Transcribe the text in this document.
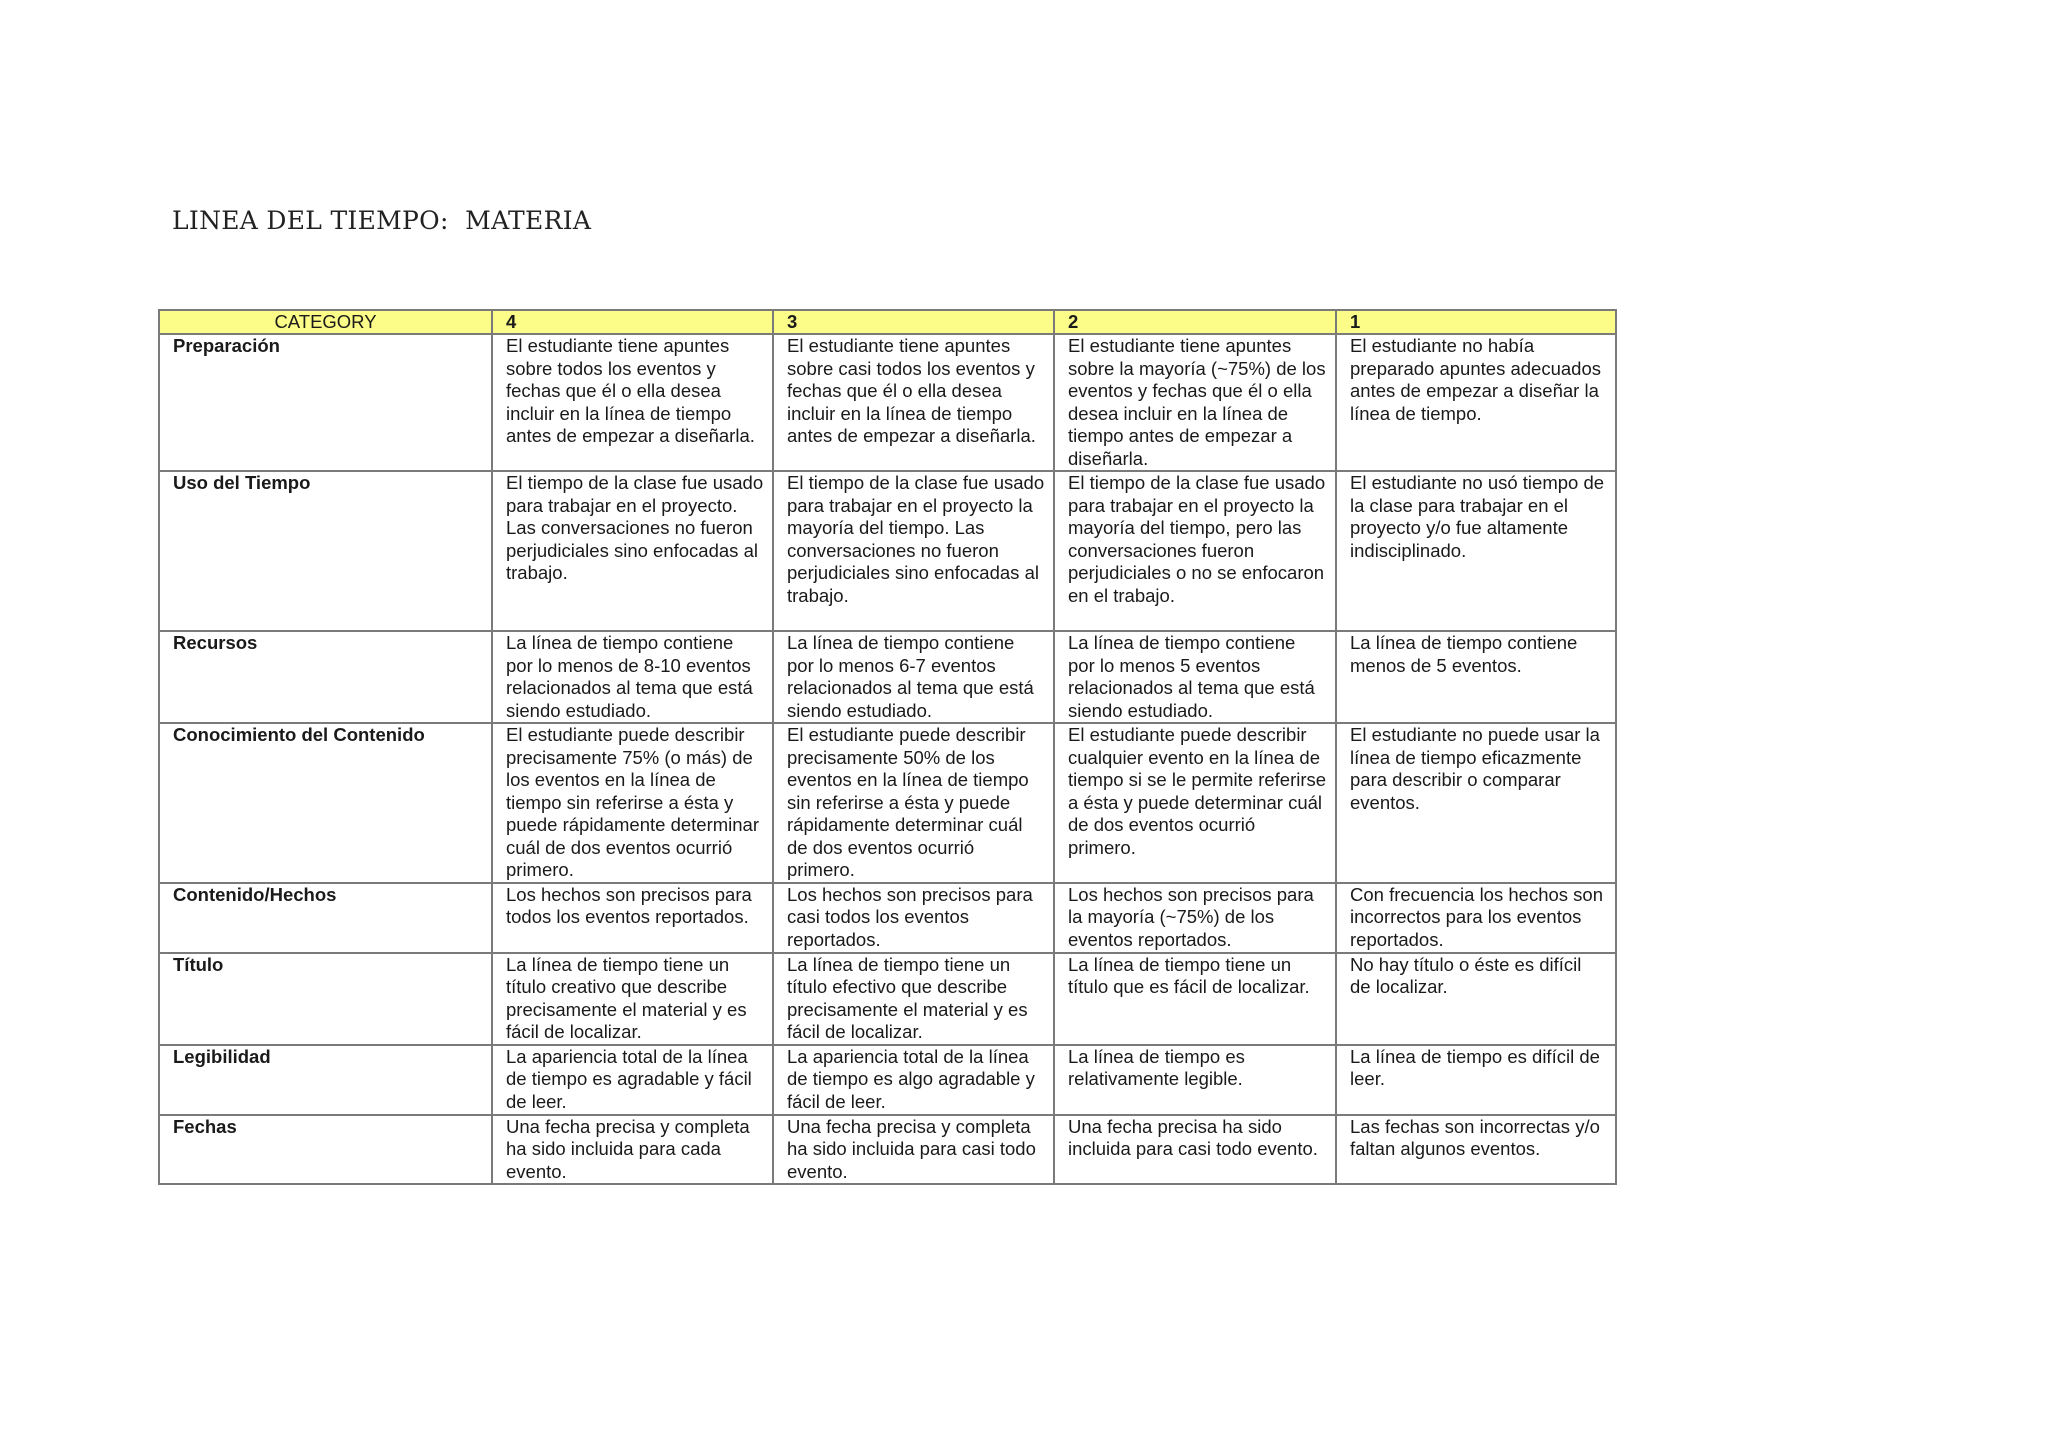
LINEA DEL TIEMPO:  MATERIA
CATEGORY	4	3	2	1
Preparación	El estudiante tiene apuntes sobre todos los eventos y fechas que él o ella desea incluir en la línea de tiempo antes de empezar a diseñarla.	El estudiante tiene apuntes sobre casi todos los eventos y fechas que él o ella desea incluir en la línea de tiempo antes de empezar a diseñarla.	El estudiante tiene apuntes sobre la mayoría (~75%) de los eventos y fechas que él o ella desea incluir en la línea de tiempo antes de empezar a diseñarla.	El estudiante no había preparado apuntes adecuados antes de empezar a diseñar la línea de tiempo.
Uso del Tiempo	El tiempo de la clase fue usado para trabajar en el proyecto. Las conversaciones no fueron perjudiciales sino enfocadas al trabajo.	El tiempo de la clase fue usado para trabajar en el proyecto la mayoría del tiempo. Las conversaciones no fueron perjudiciales sino enfocadas al trabajo.	El tiempo de la clase fue usado para trabajar en el proyecto la mayoría del tiempo, pero las conversaciones fueron perjudiciales o no se enfocaron en el trabajo.	El estudiante no usó tiempo de la clase para trabajar en el proyecto y/o fue altamente indisciplinado.
Recursos	La línea de tiempo contiene por lo menos de 8-10 eventos relacionados al tema que está siendo estudiado.	La línea de tiempo contiene por lo menos 6-7 eventos relacionados al tema que está siendo estudiado.	La línea de tiempo contiene por lo menos 5 eventos relacionados al tema que está siendo estudiado.	La línea de tiempo contiene menos de 5 eventos.
Conocimiento del Contenido	El estudiante puede describir precisamente 75% (o más) de los eventos en la línea de tiempo sin referirse a ésta y puede rápidamente determinar cuál de dos eventos ocurrió primero.	El estudiante puede describir precisamente 50% de los eventos en la línea de tiempo sin referirse a ésta y puede rápidamente determinar cuál de dos eventos ocurrió primero.	El estudiante puede describir cualquier evento en la línea de tiempo si se le permite referirse a ésta y puede determinar cuál de dos eventos ocurrió primero.	El estudiante no puede usar la línea de tiempo eficazmente para describir o comparar eventos.
Contenido/Hechos	Los hechos son precisos para todos los eventos reportados.	Los hechos son precisos para casi todos los eventos reportados.	Los hechos son precisos para la mayoría (~75%) de los eventos reportados.	Con frecuencia los hechos son incorrectos para los eventos reportados.
Título	La línea de tiempo tiene un título creativo que describe precisamente el material y es fácil de localizar.	La línea de tiempo tiene un título efectivo que describe precisamente el material y es fácil de localizar.	La línea de tiempo tiene un título que es fácil de localizar.	No hay título o éste es difícil de localizar.
Legibilidad	La apariencia total de la línea de tiempo es agradable y fácil de leer.	La apariencia total de la línea de tiempo es algo agradable y fácil de leer.	La línea de tiempo es relativamente legible.	La línea de tiempo es difícil de leer.
Fechas	Una fecha precisa y completa ha sido incluida para cada evento.	Una fecha precisa y completa ha sido incluida para casi todo evento.	Una fecha precisa ha sido incluida para casi todo evento.	Las fechas son incorrectas y/o faltan algunos eventos.
